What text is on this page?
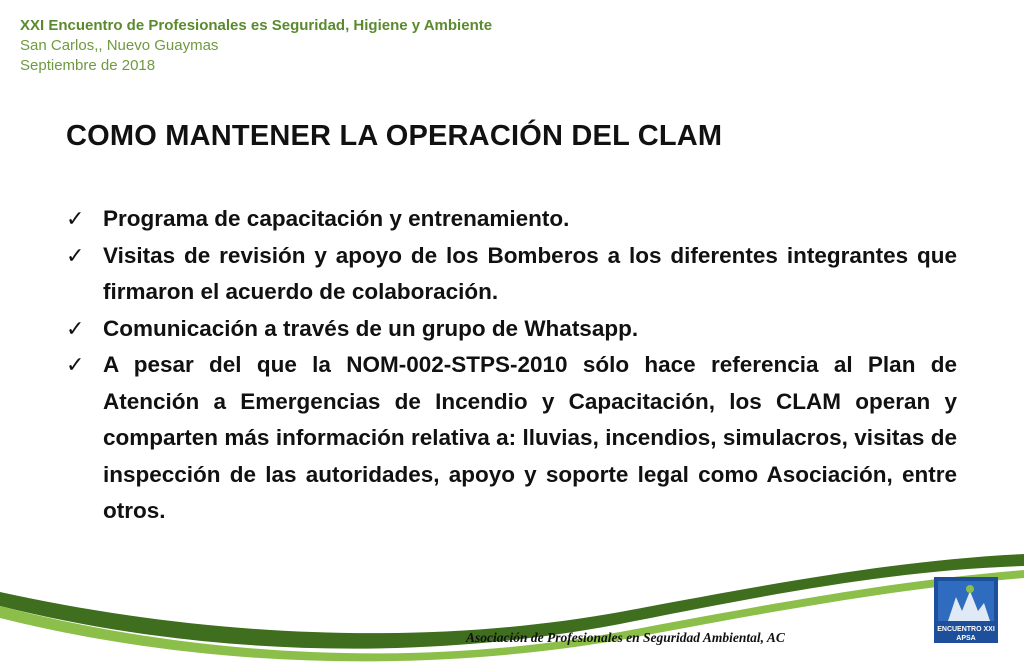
XXI Encuentro de Profesionales es Seguridad, Higiene y Ambiente
San Carlos,, Nuevo Guaymas
Septiembre de 2018
COMO MANTENER LA OPERACIÓN DEL CLAM
✓ Programa de capacitación y entrenamiento.
✓ Visitas de revisión y apoyo de los Bomberos a los diferentes integrantes que firmaron el acuerdo de colaboración.
✓ Comunicación a través de un grupo de Whatsapp.
✓ A pesar del que la NOM-002-STPS-2010 sólo hace referencia al Plan de Atención a Emergencias de Incendio y Capacitación, los CLAM operan y comparten más información relativa a: lluvias, incendios, simulacros, visitas de inspección de las autoridades, apoyo y soporte legal como Asociación, entre otros.
Asociación de Profesionales en Seguridad Ambiental, AC
ENCUENTRO XXI
APSA
